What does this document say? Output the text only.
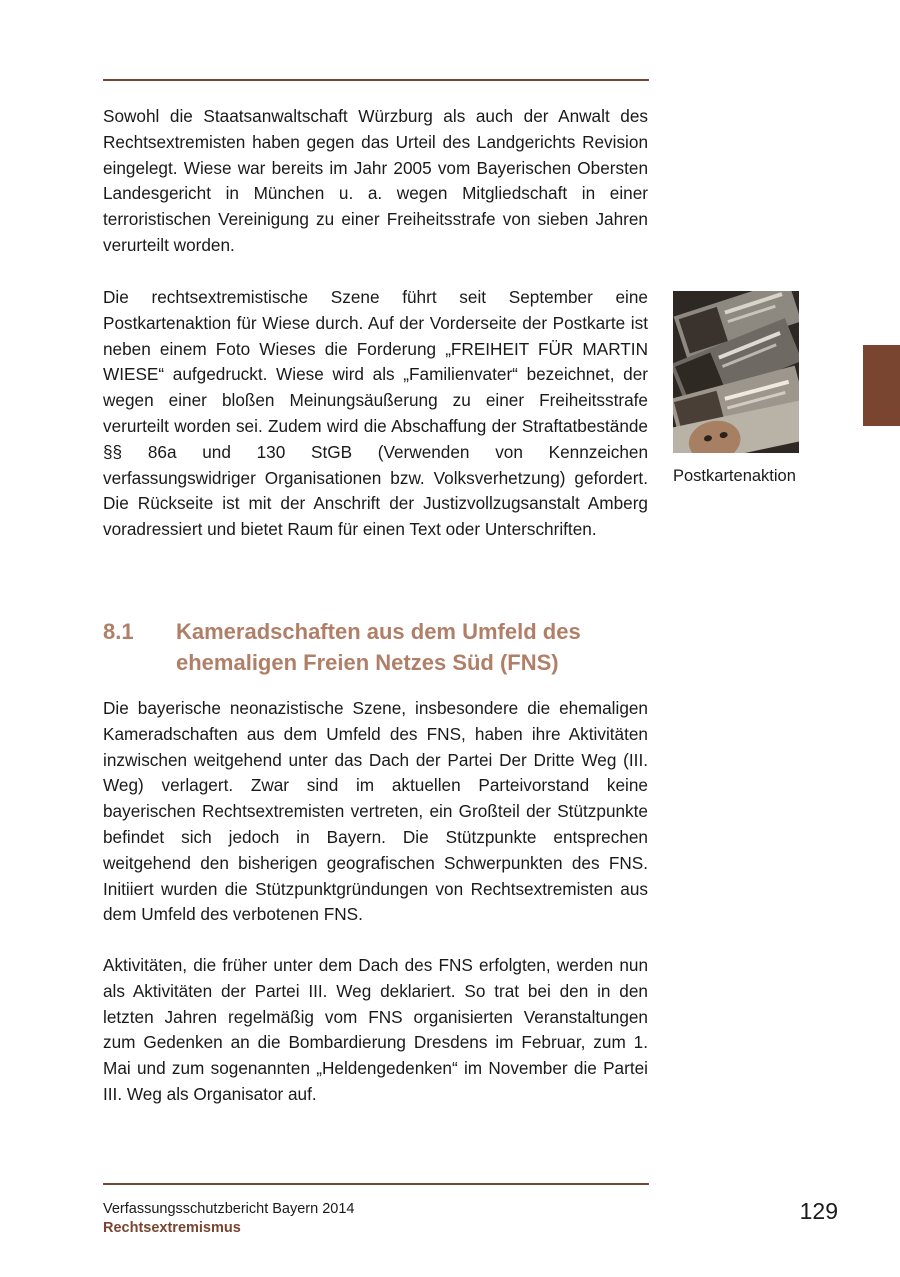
Sowohl die Staatsanwaltschaft Würzburg als auch der Anwalt des Rechtsextremisten haben gegen das Urteil des Landgerichts Revision eingelegt. Wiese war bereits im Jahr 2005 vom Bayerischen Obersten Landesgericht in München u. a. wegen Mitgliedschaft in einer terroristischen Vereinigung zu einer Freiheitsstrafe von sieben Jahren verurteilt worden.

Die rechtsextremistische Szene führt seit September eine Postkartenaktion für Wiese durch. Auf der Vorderseite der Postkarte ist neben einem Foto Wieses die Forderung „FREIHEIT FÜR MARTIN WIESE“ aufgedruckt. Wiese wird als „Familienvater“ bezeichnet, der wegen einer bloßen Meinungsäußerung zu einer Freiheitsstrafe verurteilt worden sei. Zudem wird die Abschaffung der Straftatbestände §§ 86a und 130 StGB (Verwenden von Kennzeichen verfassungswidriger Organisationen bzw. Volksverhetzung) gefordert. Die Rückseite ist mit der Anschrift der Justizvollzugsanstalt Amberg voradressiert und bietet Raum für einen Text oder Unterschriften.

Postkartenaktion
8.1 Kameradschaften aus dem Umfeld des ehemaligen Freien Netzes Süd (FNS)

Die bayerische neonazistische Szene, insbesondere die ehemaligen Kameradschaften aus dem Umfeld des FNS, haben ihre Aktivitäten inzwischen weitgehend unter das Dach der Partei Der Dritte Weg (III. Weg) verlagert. Zwar sind im aktuellen Parteivorstand keine bayerischen Rechtsextremisten vertreten, ein Großteil der Stützpunkte befindet sich jedoch in Bayern. Die Stützpunkte entsprechen weitgehend den bisherigen geografischen Schwerpunkten des FNS. Initiiert wurden die Stützpunktgründungen von Rechtsextremisten aus dem Umfeld des verbotenen FNS.

Aktivitäten, die früher unter dem Dach des FNS erfolgten, werden nun als Aktivitäten der Partei III. Weg deklariert. So trat bei den in den letzten Jahren regelmäßig vom FNS organisierten Veranstaltungen zum Gedenken an die Bombardierung Dresdens im Februar, zum 1. Mai und zum sogenannten „Heldengedenken“ im November die Partei III. Weg als Organisator auf.

Verfassungsschutzbericht Bayern 2014
Rechtsextremismus
129
